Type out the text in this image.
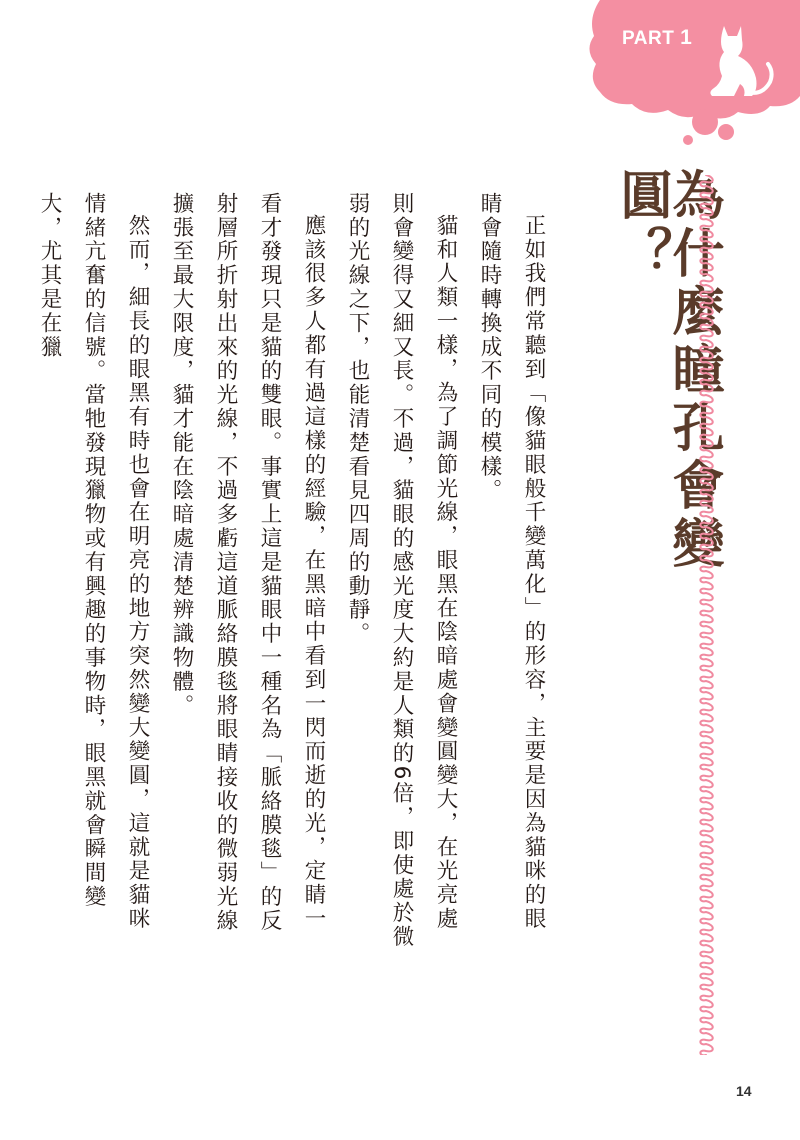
PART 1
為什麼瞳孔會變圓？

正如我們常聽到「像貓眼般千變萬化」的形容，主要是因為貓咪的眼睛會隨時轉換成不同的模樣。

貓和人類一樣，為了調節光線，眼黑在陰暗處會變圓變大，在光亮處則會變得又細又長。不過，貓眼的感光度大約是人類的6倍，即使處於微弱的光線之下，也能清楚看見四周的動靜。

應該很多人都有過這樣的經驗，在黑暗中看到一閃而逝的光，定睛一看才發現只是貓的雙眼。事實上這是貓眼中一種名為「脈絡膜毯」的反射層所折射出來的光線，不過多虧這道脈絡膜毯將眼睛接收的微弱光線擴張至最大限度，貓才能在陰暗處清楚辨識物體。

然而，細長的眼黑有時也會在明亮的地方突然變大變圓，這就是貓咪情緒亢奮的信號。當牠發現獵物或有興趣的事物時，眼黑就會瞬間變大，尤其是在獵

14
